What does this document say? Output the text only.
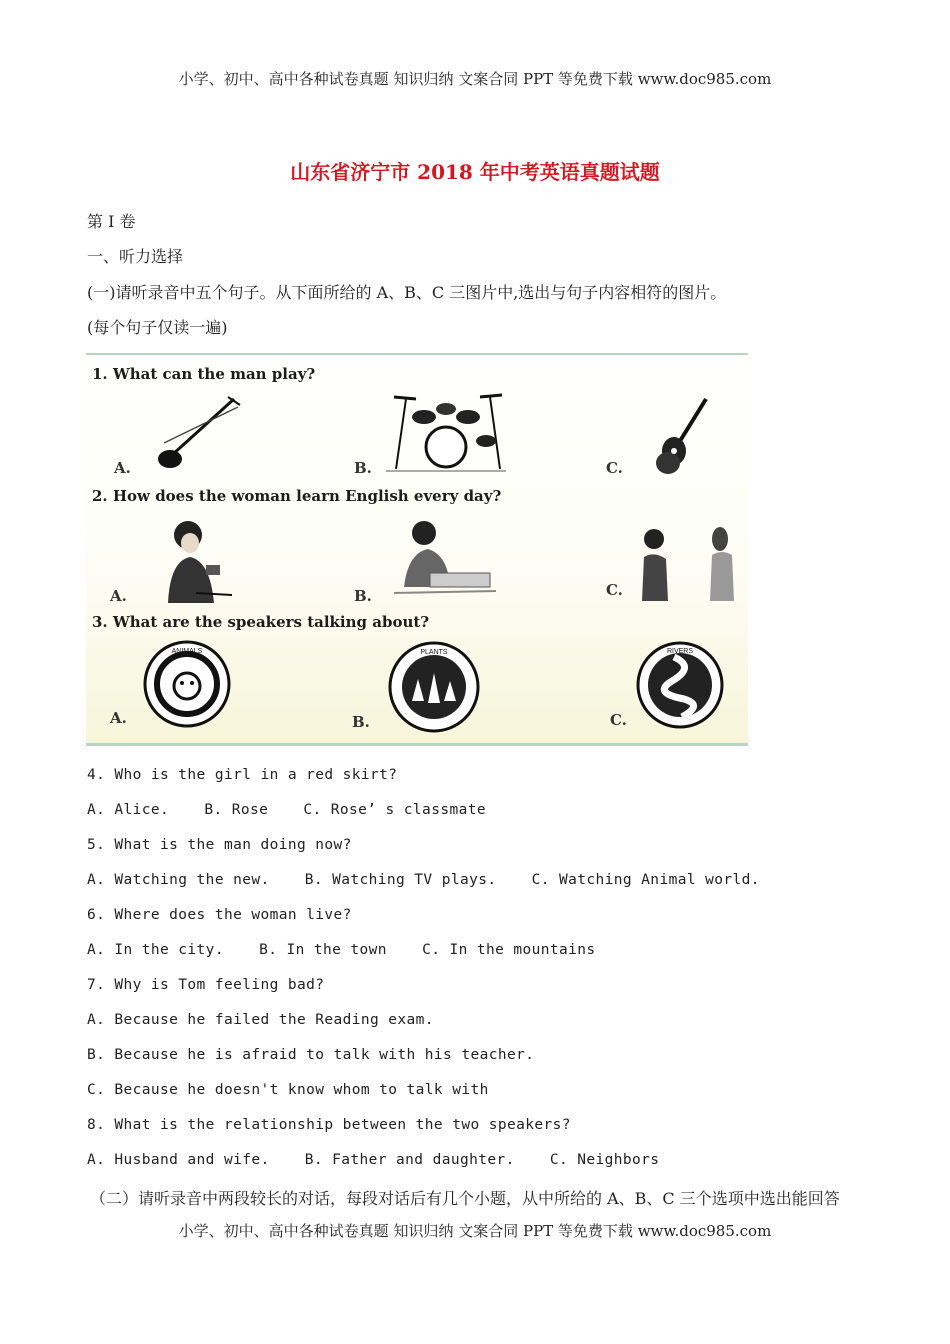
小学、初中、高中各种试卷真题 知识归纳 文案合同 PPT 等免费下载 www.doc985.com
山东省济宁市 2018 年中考英语真题试题
第 I 卷
一、听力选择
(一)请听录音中五个句子。从下面所给的 A、B、C 三图片中,选出与句子内容相符的图片。
(每个句子仅读一遍)
1. What can the man play?
A.	B.	C.
2. How does the woman learn English every day?
A.	B.	C.
3. What are the speakers talking about?
A.
ANIMALS
B.
PLANTS
C.
RIVERS
4. Who is the girl in a red skirt?
A. Alice. B. Rose C. Rose’ s classmate
5. What is the man doing now?
A. Watching the new. B. Watching TV plays. C. Watching Animal world.
6. Where does the woman live?
A. In the city. B. In the town C. In the mountains
7. Why is Tom feeling bad?
A. Because he failed the Reading exam.
B. Because he is afraid to talk with his teacher.
C. Because he doesn't know whom to talk with
8. What is the relationship between the two speakers?
A. Husband and wife. B. Father and daughter. C. Neighbors
（二）请听录音中两段较长的对话，每段对话后有几个小题，从中所给的 A、B、C 三个选项中选出能回答
小学、初中、高中各种试卷真题 知识归纳 文案合同 PPT 等免费下载 www.doc985.com
